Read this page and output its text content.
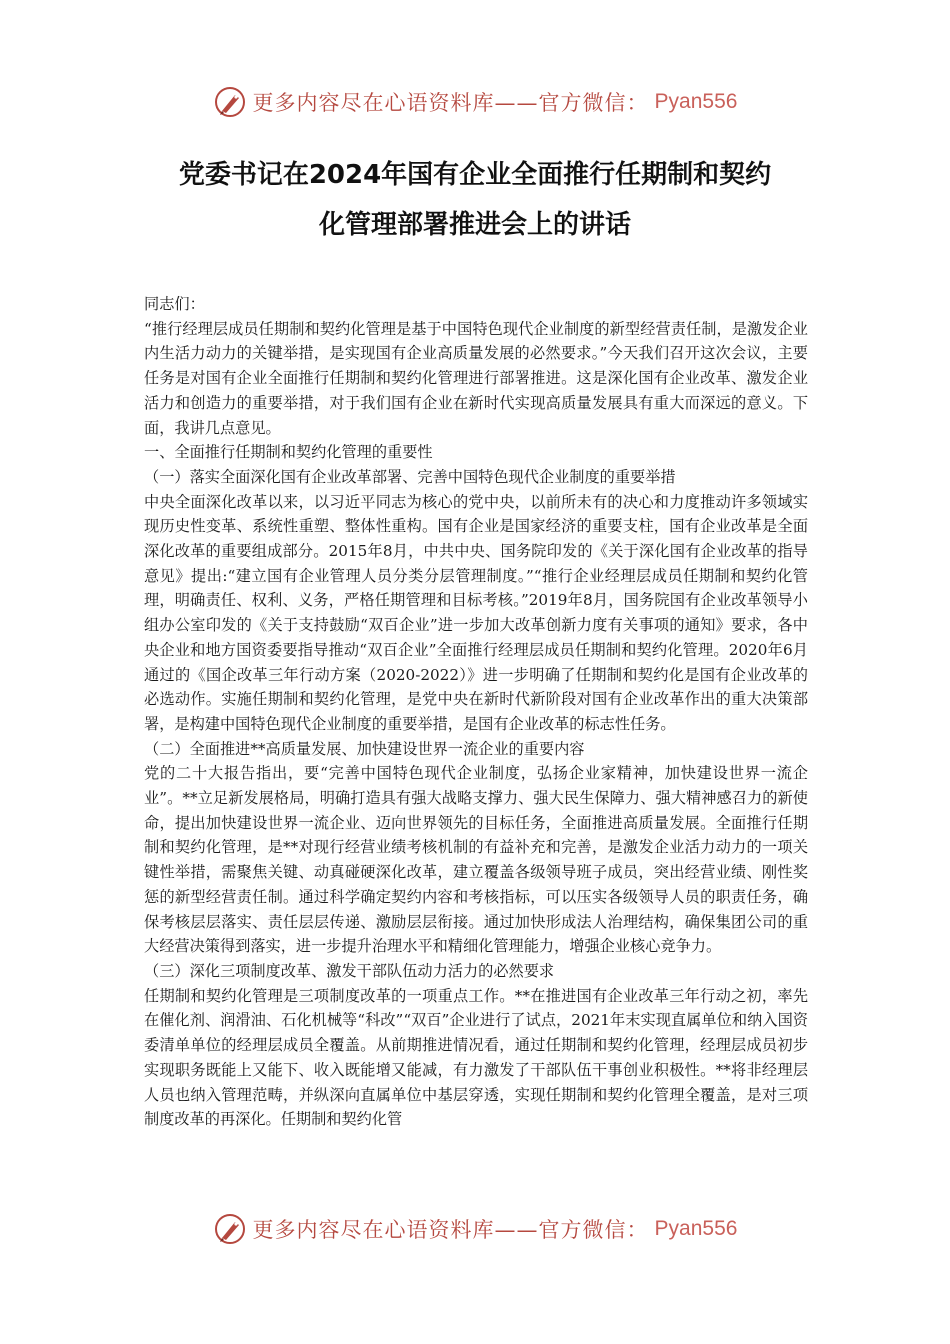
更多内容尽在心语资料库——官方微信： Pyan556
党委书记在2024年国有企业全面推行任期制和契约
化管理部署推进会上的讲话

同志们：

“推行经理层成员任期制和契约化管理是基于中国特色现代企业制度的新型经营责任制，是激发企业内生活力动力的关键举措，是实现国有企业高质量发展的必然要求。”今天我们召开这次会议，主要任务是对国有企业全面推行任期制和契约化管理进行部署推进。这是深化国有企业改革、激发企业活力和创造力的重要举措，对于我们国有企业在新时代实现高质量发展具有重大而深远的意义。下面，我讲几点意见。

一、全面推行任期制和契约化管理的重要性

（一）落实全面深化国有企业改革部署、完善中国特色现代企业制度的重要举措

中央全面深化改革以来，以习近平同志为核心的党中央，以前所未有的决心和力度推动许多领域实现历史性变革、系统性重塑、整体性重构。国有企业是国家经济的重要支柱，国有企业改革是全面深化改革的重要组成部分。2015年8月，中共中央、国务院印发的《关于深化国有企业改革的指导意见》提出:“建立国有企业管理人员分类分层管理制度。”“推行企业经理层成员任期制和契约化管理，明确责任、权利、义务，严格任期管理和目标考核。”2019年8月，国务院国有企业改革领导小组办公室印发的《关于支持鼓励“双百企业”进一步加大改革创新力度有关事项的通知》要求，各中央企业和地方国资委要指导推动“双百企业”全面推行经理层成员任期制和契约化管理。2020年6月通过的《国企改革三年行动方案（2020-2022）》进一步明确了任期制和契约化是国有企业改革的必选动作。实施任期制和契约化管理，是党中央在新时代新阶段对国有企业改革作出的重大决策部署，是构建中国特色现代企业制度的重要举措，是国有企业改革的标志性任务。

（二）全面推进**高质量发展、加快建设世界一流企业的重要内容

党的二十大报告指出，要“完善中国特色现代企业制度，弘扬企业家精神，加快建设世界一流企业”。**立足新发展格局，明确打造具有强大战略支撑力、强大民生保障力、强大精神感召力的新使命，提出加快建设世界一流企业、迈向世界领先的目标任务，全面推进高质量发展。全面推行任期制和契约化管理，是**对现行经营业绩考核机制的有益补充和完善，是激发企业活力动力的一项关键性举措，需聚焦关键、动真碰硬深化改革，建立覆盖各级领导班子成员，突出经营业绩、刚性奖惩的新型经营责任制。通过科学确定契约内容和考核指标，可以压实各级领导人员的职责任务，确保考核层层落实、责任层层传递、激励层层衔接。通过加快形成法人治理结构，确保集团公司的重大经营决策得到落实，进一步提升治理水平和精细化管理能力，增强企业核心竞争力。

（三）深化三项制度改革、激发干部队伍动力活力的必然要求

任期制和契约化管理是三项制度改革的一项重点工作。**在推进国有企业改革三年行动之初，率先在催化剂、润滑油、石化机械等“科改”“双百”企业进行了试点，2021年末实现直属单位和纳入国资委清单单位的经理层成员全覆盖。从前期推进情况看，通过任期制和契约化管理，经理层成员初步实现职务既能上又能下、收入既能增又能减，有力激发了干部队伍干事创业积极性。**将非经理层人员也纳入管理范畴，并纵深向直属单位中基层穿透，实现任期制和契约化管理全覆盖，是对三项制度改革的再深化。任期制和契约化管

更多内容尽在心语资料库——官方微信： Pyan556
